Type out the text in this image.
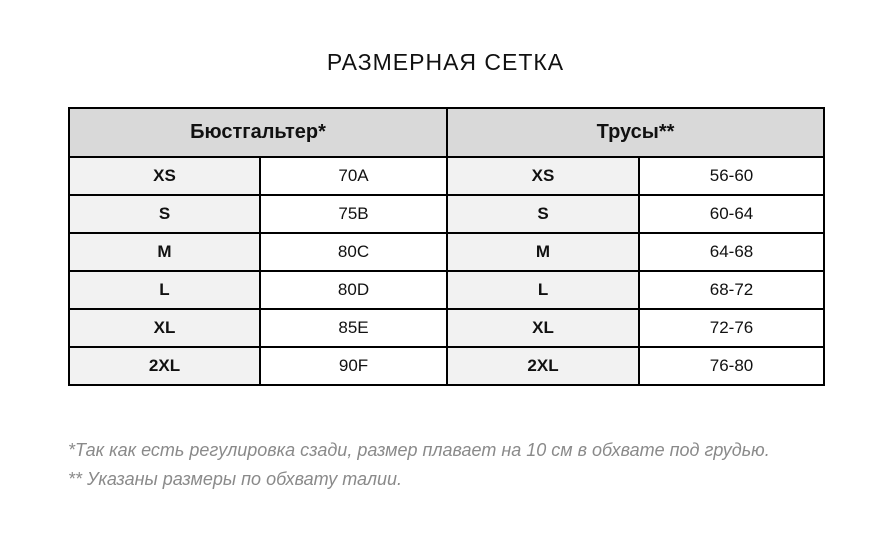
РАЗМЕРНАЯ СЕТКА
Бюстгальтер*		Трусы**	
XS	70A	XS	56-60
S	75B	S	60-64
M	80C	M	64-68
L	80D	L	68-72
XL	85E	XL	72-76
2XL	90F	2XL	76-80
*Так как есть регулировка сзади, размер плавает на 10 см в обхвате под грудью.
** Указаны размеры по обхвату талии.
